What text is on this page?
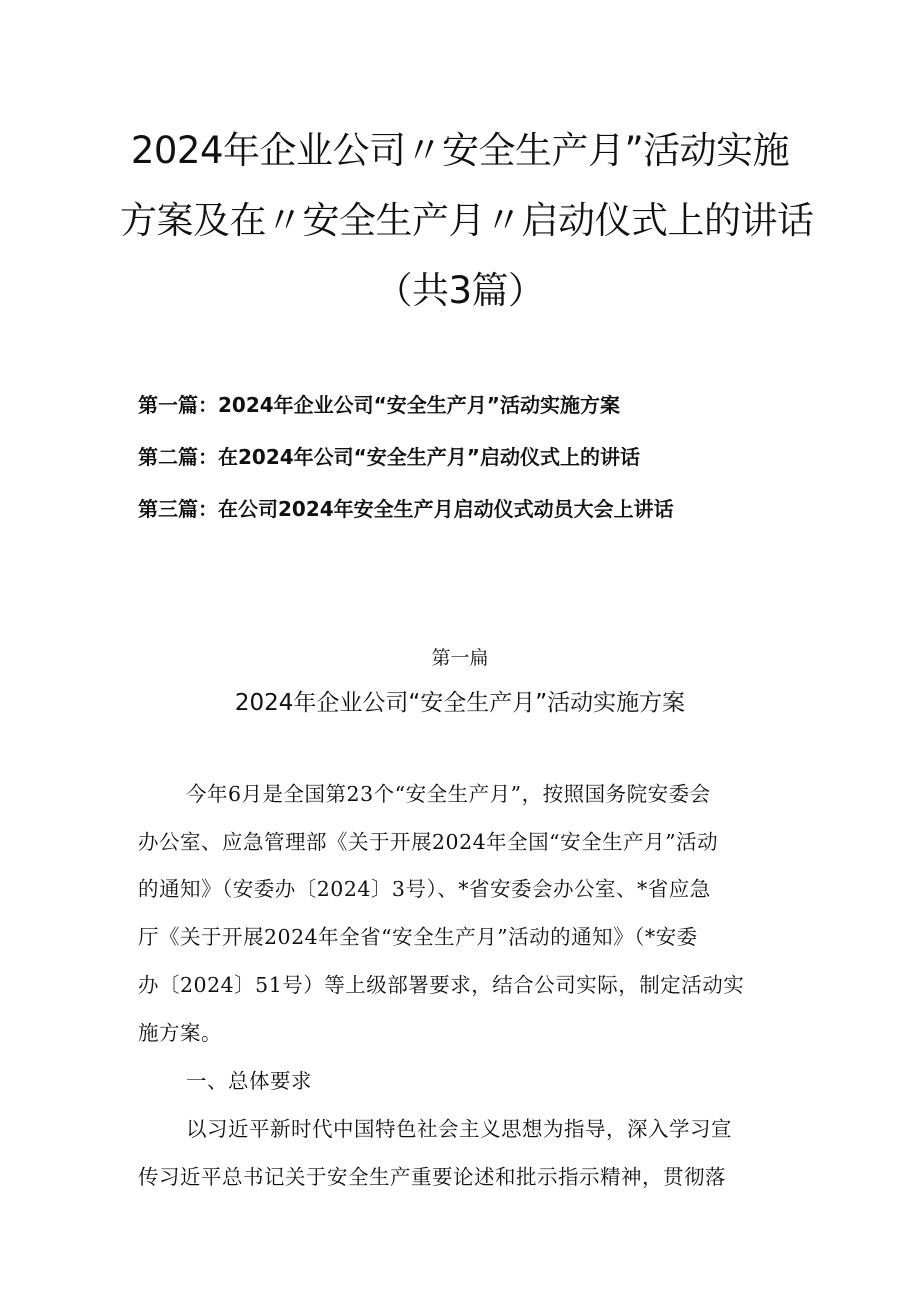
2024年企业公司〃安全生产月”活动实施
方案及在〃安全生产月〃启动仪式上的讲话
（共3篇）

第一篇：2024年企业公司“安全生产月”活动实施方案

第二篇：在2024年公司“安全生产月”启动仪式上的讲话

第三篇：在公司2024年安全生产月启动仪式动员大会上讲话

第一扁

2024年企业公司“安全生产月”活动实施方案

今年6月是全国第23个“安全生产月”，按照国务院安委会

办公室、应急管理部《关于开展2024年全国“安全生产月”活动

的通知》（安委办〔2024〕3号）、*省安委会办公室、*省应急

厅《关于开展2024年全省“安全生产月”活动的通知》（*安委

办〔2024〕51号）等上级部署要求，结合公司实际，制定活动实

施方案。

一、总体要求

以习近平新时代中国特色社会主义思想为指导，深入学习宣

传习近平总书记关于安全生产重要论述和批示指示精神，贯彻落
